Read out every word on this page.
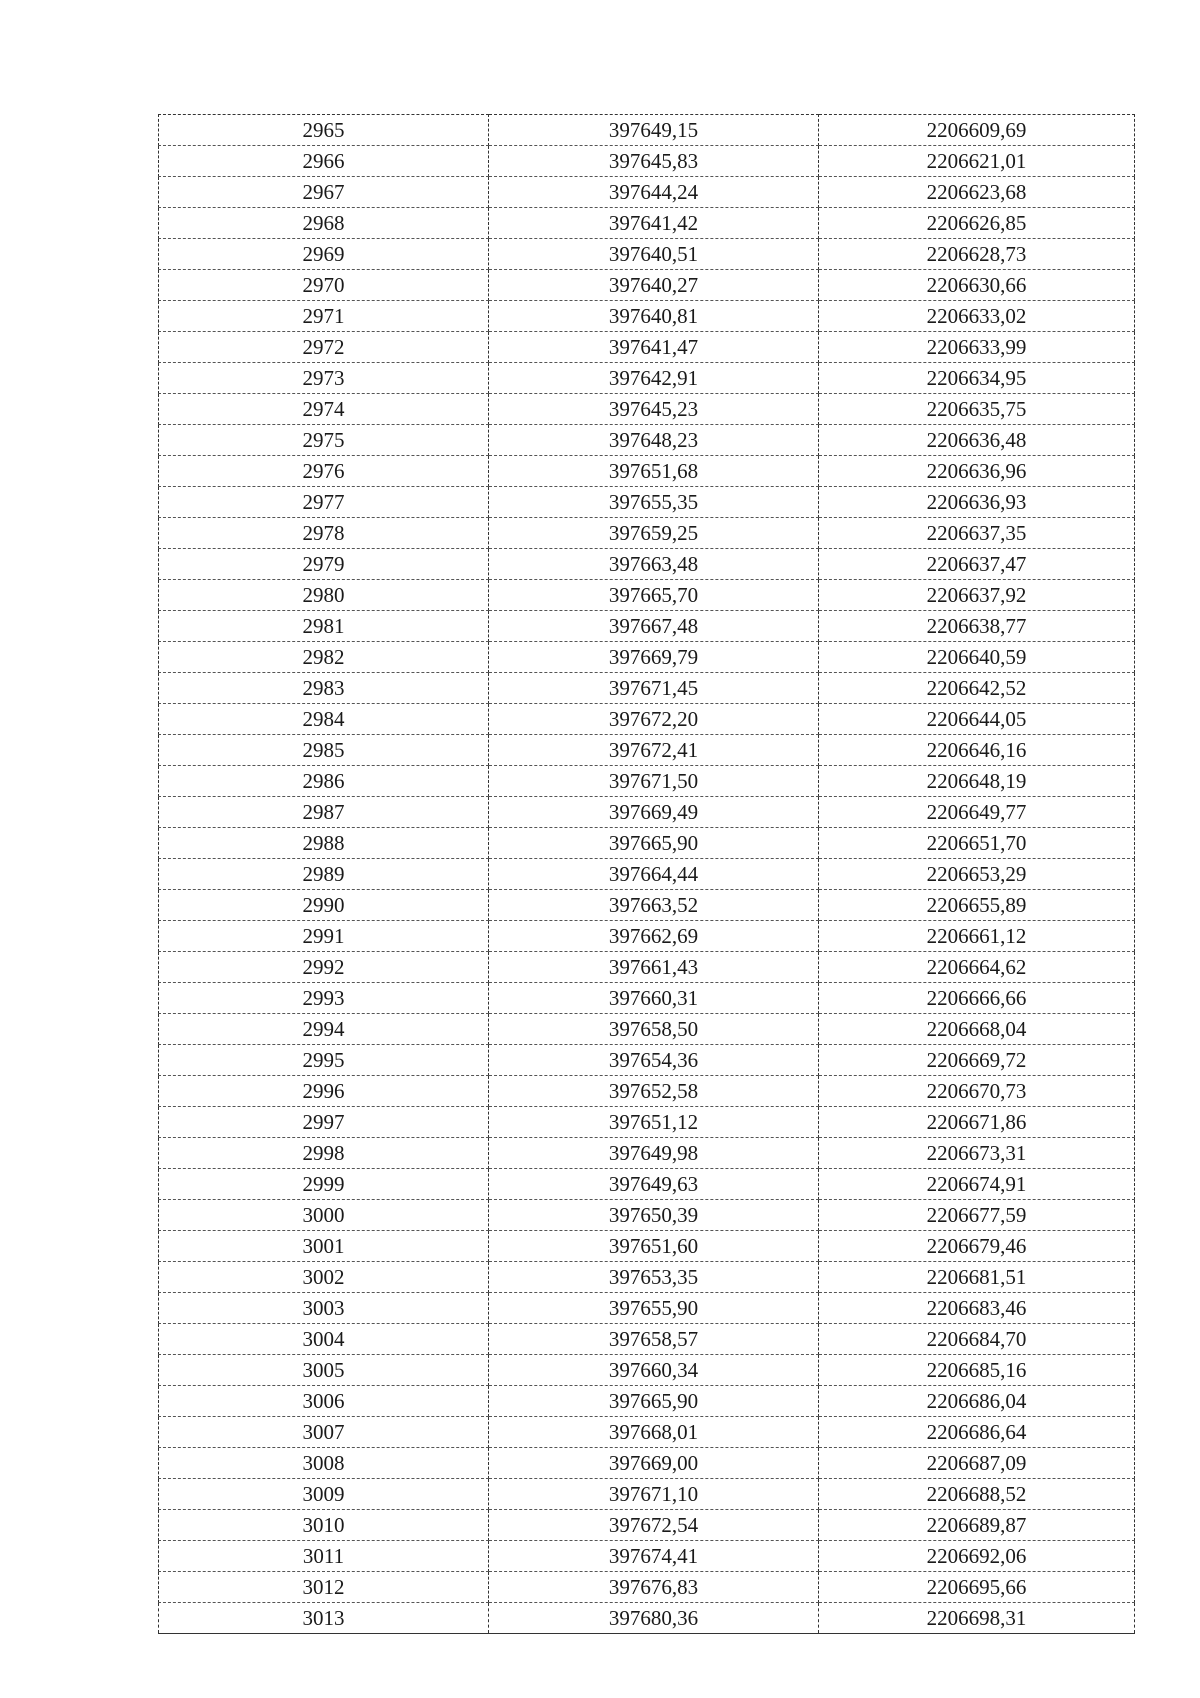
2965	397649,15	2206609,69
2966	397645,83	2206621,01
2967	397644,24	2206623,68
2968	397641,42	2206626,85
2969	397640,51	2206628,73
2970	397640,27	2206630,66
2971	397640,81	2206633,02
2972	397641,47	2206633,99
2973	397642,91	2206634,95
2974	397645,23	2206635,75
2975	397648,23	2206636,48
2976	397651,68	2206636,96
2977	397655,35	2206636,93
2978	397659,25	2206637,35
2979	397663,48	2206637,47
2980	397665,70	2206637,92
2981	397667,48	2206638,77
2982	397669,79	2206640,59
2983	397671,45	2206642,52
2984	397672,20	2206644,05
2985	397672,41	2206646,16
2986	397671,50	2206648,19
2987	397669,49	2206649,77
2988	397665,90	2206651,70
2989	397664,44	2206653,29
2990	397663,52	2206655,89
2991	397662,69	2206661,12
2992	397661,43	2206664,62
2993	397660,31	2206666,66
2994	397658,50	2206668,04
2995	397654,36	2206669,72
2996	397652,58	2206670,73
2997	397651,12	2206671,86
2998	397649,98	2206673,31
2999	397649,63	2206674,91
3000	397650,39	2206677,59
3001	397651,60	2206679,46
3002	397653,35	2206681,51
3003	397655,90	2206683,46
3004	397658,57	2206684,70
3005	397660,34	2206685,16
3006	397665,90	2206686,04
3007	397668,01	2206686,64
3008	397669,00	2206687,09
3009	397671,10	2206688,52
3010	397672,54	2206689,87
3011	397674,41	2206692,06
3012	397676,83	2206695,66
3013	397680,36	2206698,31
